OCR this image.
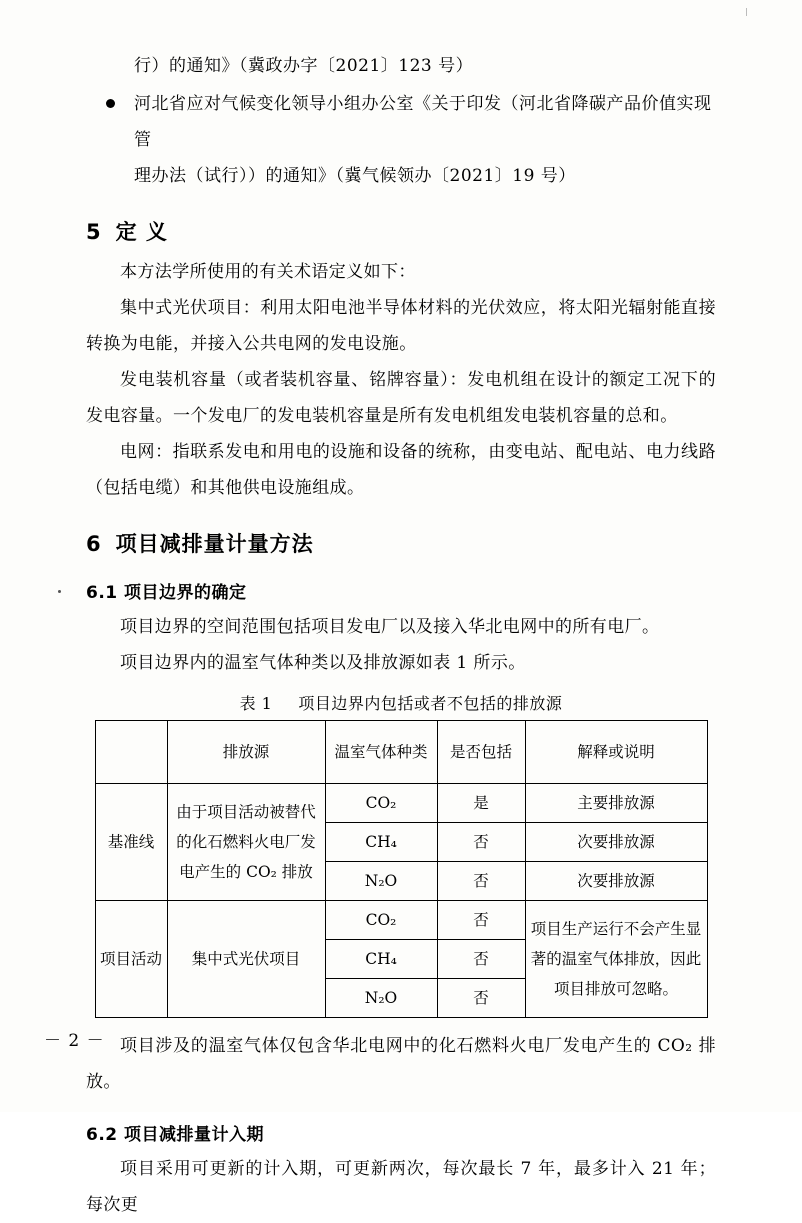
行）的通知》（冀政办字〔2021〕123 号）
河北省应对气候变化领导小组办公室《关于印发（河北省降碳产品价值实现管
理办法（试行））的通知》（冀气候领办〔2021〕19 号）
5 定 义

本方法学所使用的有关术语定义如下：

集中式光伏项目：利用太阳电池半导体材料的光伏效应，将太阳光辐射能直接转换为电能，并接入公共电网的发电设施。

发电装机容量（或者装机容量、铭牌容量）：发电机组在设计的额定工况下的发电容量。一个发电厂的发电装机容量是所有发电机组发电装机容量的总和。

电网：指联系发电和用电的设施和设备的统称，由变电站、配电站、电力线路（包括电缆）和其他供电设施组成。

6 项目减排量计量方法
6.1 项目边界的确定

项目边界的空间范围包括项目发电厂以及接入华北电网中的所有电厂。

项目边界内的温室气体种类以及排放源如表 1 所示。

表 1 项目边界内包括或者不包括的排放源
	排放源	温室气体种类	是否包括	解释或说明
基准线	由于项目活动被替代的化石燃料火电厂发电产生的 CO₂ 排放	CO₂	是	主要排放源
		CH₄	否	次要排放源
		N₂O	否	次要排放源
项目活动	集中式光伏项目	CO₂	否	项目生产运行不会产生显著的温室气体排放，因此项目排放可忽略。
		CH₄	否	
		N₂O	否	

项目涉及的温室气体仅包含华北电网中的化石燃料火电厂发电产生的 CO₂ 排放。

6.2 项目减排量计入期

项目采用可更新的计入期，可更新两次，每次最长 7 年，最多计入 21 年；每次更

－ 2 －
